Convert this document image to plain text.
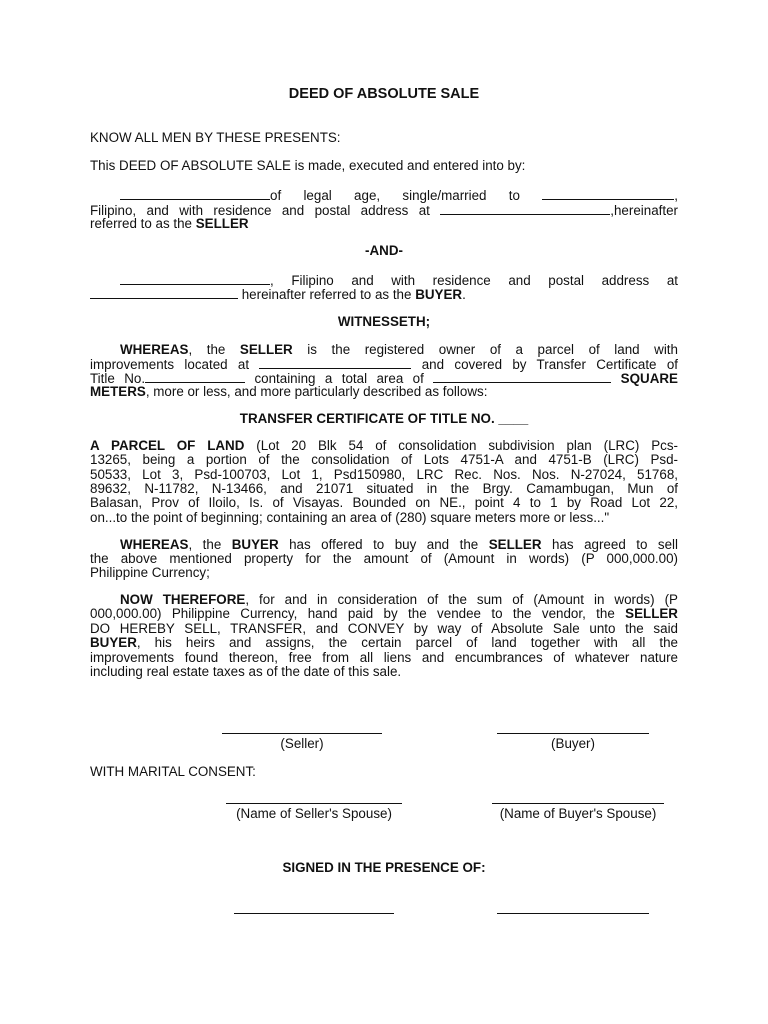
DEED OF ABSOLUTE SALE
KNOW ALL MEN BY THESE PRESENTS:
This DEED OF ABSOLUTE SALE is made, executed and entered into by:
of legal age, single/married to	,
Filipino, and with residence and postal address at	,hereinafter
referred to as the SELLER
-AND-
, Filipino and with residence and postal address at
hereinafter referred to as the BUYER.
WITNESSETH;
WHEREAS, the SELLER is the registered owner of a parcel of land with
improvements located at	and covered by Transfer Certificate of
Title No.	containing a total area of	SQUARE
METERS, more or less, and more particularly described as follows:
TRANSFER CERTIFICATE OF TITLE NO. ____
A PARCEL OF LAND (Lot 20 Blk 54 of consolidation subdivision plan (LRC) Pcs-
13265, being a portion of the consolidation of Lots 4751-A and 4751-B (LRC) Psd-
50533, Lot 3, Psd-100703, Lot 1, Psd150980, LRC Rec. Nos. Nos. N-27024, 51768,
89632, N-11782, N-13466, and 21071 situated in the Brgy. Camambugan, Mun of
Balasan, Prov of Iloilo, Is. of Visayas. Bounded on NE., point 4 to 1 by Road Lot 22,
on...to the point of beginning; containing an area of (280) square meters more or less..."
WHEREAS, the BUYER has offered to buy and the SELLER has agreed to sell
the above mentioned property for the amount of (Amount in words) (P 000,000.00)
Philippine Currency;
NOW THEREFORE, for and in consideration of the sum of (Amount in words) (P
000,000.00) Philippine Currency, hand paid by the vendee to the vendor, the SELLER
DO HEREBY SELL, TRANSFER, and CONVEY by way of Absolute Sale unto the said
BUYER, his heirs and assigns, the certain parcel of land together with all the
improvements found thereon, free from all liens and encumbrances of whatever nature
including real estate taxes as of the date of this sale.
(Seller)	(Buyer)
WITH MARITAL CONSENT:
(Name of Seller's Spouse)	(Name of Buyer's Spouse)
SIGNED IN THE PRESENCE OF:
